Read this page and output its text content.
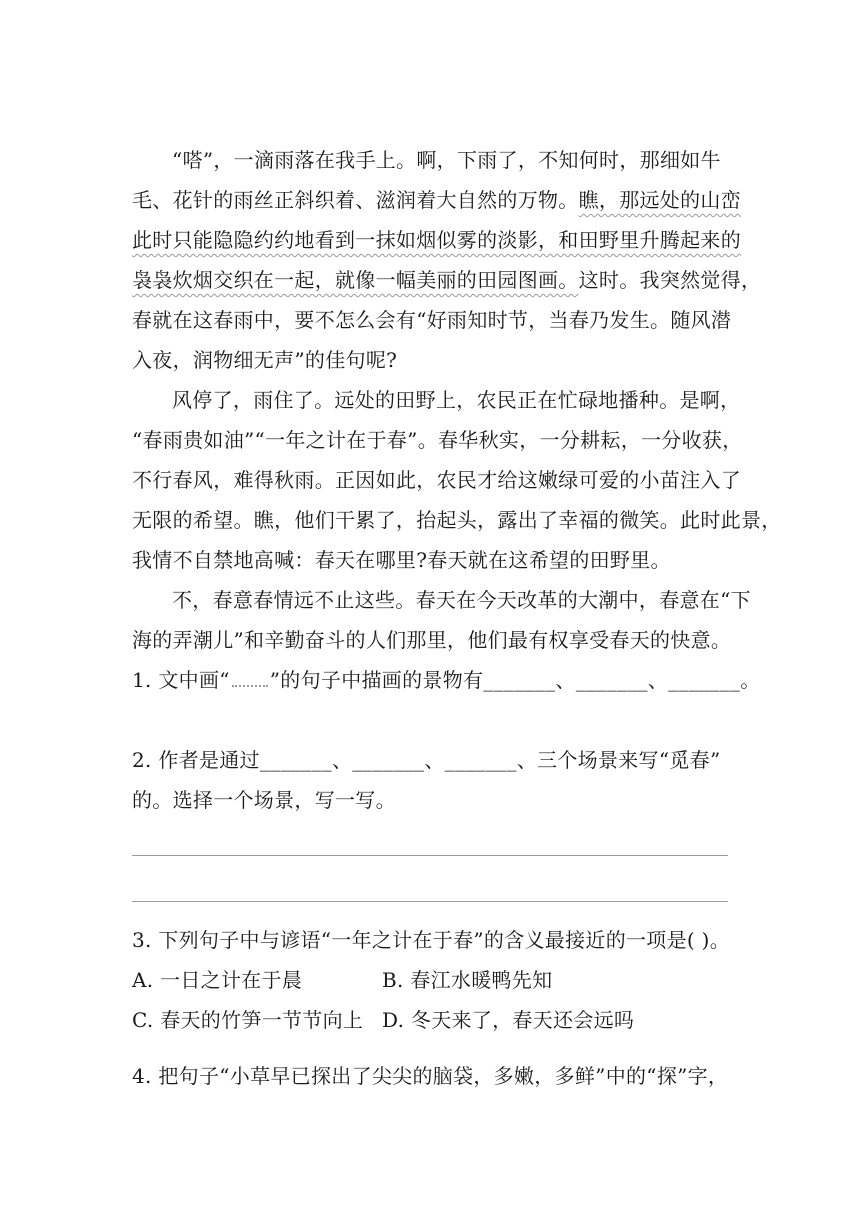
“嗒”，一滴雨落在我手上。啊，下雨了，不知何时，那细如牛
毛、花针的雨丝正斜织着、滋润着大自然的万物。瞧，那远处的山峦
此时只能隐隐约约地看到一抹如烟似雾的淡影，和田野里升腾起来的
袅袅炊烟交织在一起，就像一幅美丽的田园图画。这时。我突然觉得，
春就在这春雨中，要不怎么会有“好雨知时节，当春乃发生。随风潜
入夜，润物细无声”的佳句呢?
风停了，雨住了。远处的田野上，农民正在忙碌地播种。是啊，
“春雨贵如油”“一年之计在于春”。春华秋实，一分耕耘，一分收获，
不行春风，难得秋雨。正因如此，农民才给这嫩绿可爱的小苗注入了
无限的希望。瞧，他们干累了，抬起头，露出了幸福的微笑。此时此景，
我情不自禁地高喊：春天在哪里?春天就在这希望的田野里。
不，春意春情远不止这些。春天在今天改革的大潮中，春意在“下
海的弄潮儿”和辛勤奋斗的人们那里，他们最有权享受春天的快意。
1. 文中画“ ”的句子中描画的景物有_______、_______、_______。
2. 作者是通过_______、_______、_______、三个场景来写“觅春”
的。选择一个场景，写一写。
3. 下列句子中与谚语“一年之计在于春”的含义最接近的一项是( )。
A. 一日之计在于晨	B. 春江水暖鸭先知
C. 春天的竹笋一节节向上 D. 冬天来了，春天还会远吗
4. 把句子“小草早已探出了尖尖的脑袋，多嫩，多鲜”中的“探”字，
